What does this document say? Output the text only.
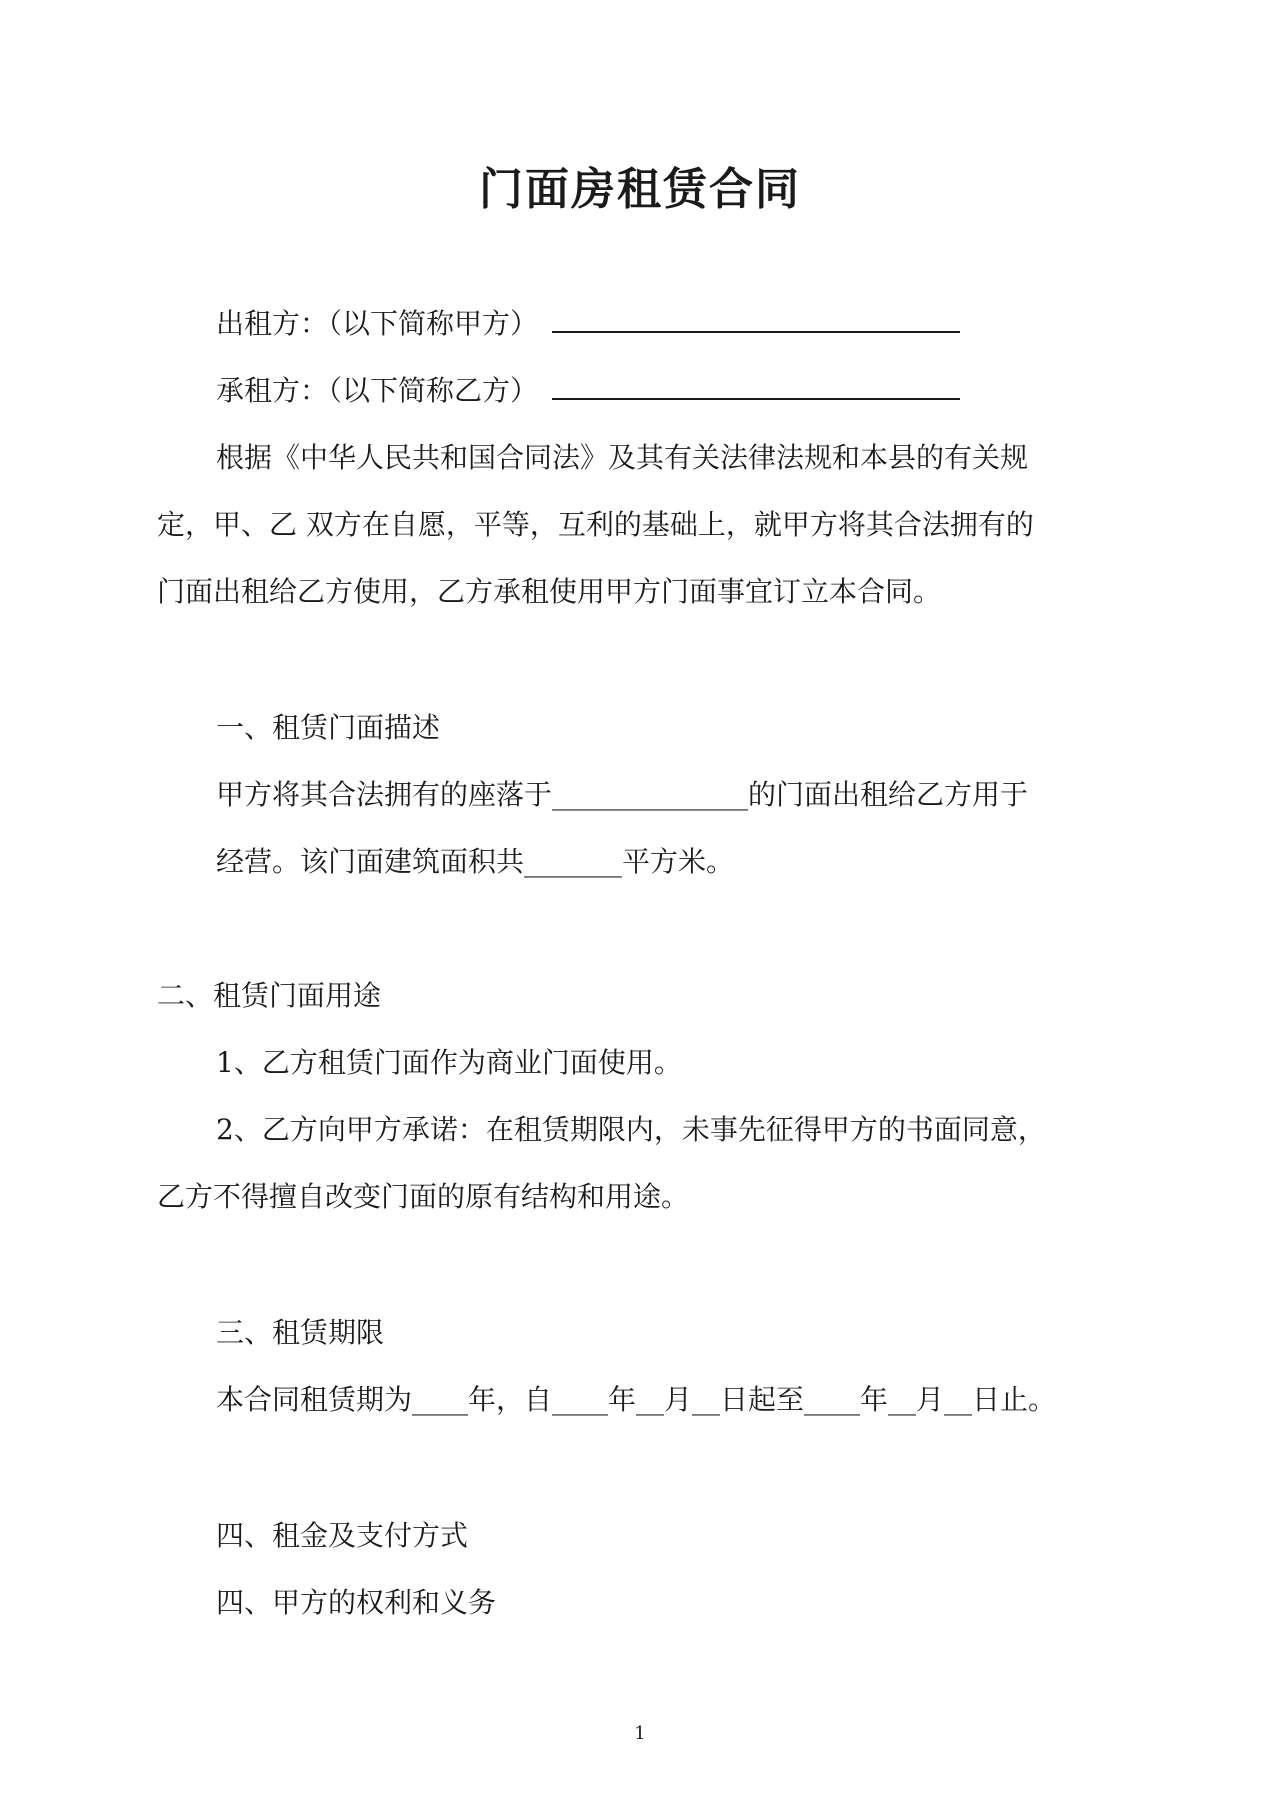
门面房租赁合同
出租方：（以下简称甲方）
承租方：（以下简称乙方）
根据《中华人民共和国合同法》及其有关法律法规和本县的有关规
定，甲、乙 双方在自愿，平等，互利的基础上，就甲方将其合法拥有的
门面出租给乙方使用，乙方承租使用甲方门面事宜订立本合同。
一、租赁门面描述
甲方将其合法拥有的座落于______________的门面出租给乙方用于
经营。该门面建筑面积共_______平方米。
二、租赁门面用途
1、乙方租赁门面作为商业门面使用。
2、乙方向甲方承诺：在租赁期限内，未事先征得甲方的书面同意，
乙方不得擅自改变门面的原有结构和用途。
三、租赁期限
本合同租赁期为____年，自____年__月__日起至____年__月__日止。
四、租金及支付方式
四、甲方的权利和义务
1
